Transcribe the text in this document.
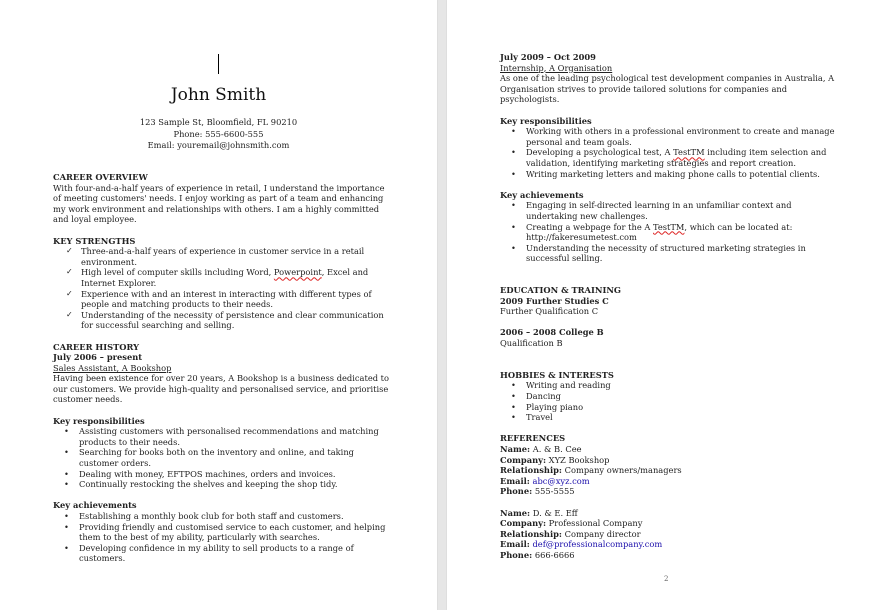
John Smith
123 Sample St, Bloomfield, FL 90210
Phone: 555-6600-555
Email: youremail@johnsmith.com
CAREER OVERVIEW

With four-and-a-half years of experience in retail, I understand the importance of meeting customers' needs. I enjoy working as part of a team and enhancing my work environment and relationships with others. I am a highly committed and loyal employee.

KEY STRENGTHS
✓ Three-and-a-half years of experience in customer service in a retail environment.
✓ High level of computer skills including Word, Powerpoint, Excel and Internet Explorer.
✓ Experience with and an interest in interacting with different types of people and matching products to their needs.
✓ Understanding of the necessity of persistence and clear communication for successful searching and selling.
CAREER HISTORY
July 2006 – present
Sales Assistant, A Bookshop

Having been existence for over 20 years, A Bookshop is a business dedicated to our customers. We provide high-quality and personalised service, and prioritise customer needs.

Key responsibilities
• Assisting customers with personalised recommendations and matching products to their needs.
• Searching for books both on the inventory and online, and taking customer orders.
• Dealing with money, EFTPOS machines, orders and invoices.
• Continually restocking the shelves and keeping the shop tidy.
Key achievements
• Establishing a monthly book club for both staff and customers.
• Providing friendly and customised service to each customer, and helping them to the best of my ability, particularly with searches.
• Developing confidence in my ability to sell products to a range of customers.
July 2009 – Oct 2009
Internship, A Organisation

As one of the leading psychological test development companies in Australia, A Organisation strives to provide tailored solutions for companies and psychologists.

Key responsibilities
• Working with others in a professional environment to create and manage personal and team goals.
• Developing a psychological test, A TestTM including item selection and validation, identifying marketing strategies and report creation.
• Writing marketing letters and making phone calls to potential clients.
Key achievements
• Engaging in self-directed learning in an unfamiliar context and undertaking new challenges.
• Creating a webpage for the A TestTM, which can be located at: http://fakeresumetest.com
• Understanding the necessity of structured marketing strategies in successful selling.
EDUCATION & TRAINING
2009 Further Studies C
Further Qualification C
2006 – 2008 College B
Qualification B
HOBBIES & INTERESTS
• Writing and reading
• Dancing
• Playing piano
• Travel
REFERENCES
Name: A. & B. Cee
Company: XYZ Bookshop
Relationship: Company owners/managers
Email: abc@xyz.com
Phone: 555-5555
Name: D. & E. Eff
Company: Professional Company
Relationship: Company director
Email: def@professionalcompany.com
Phone: 666-6666
2
